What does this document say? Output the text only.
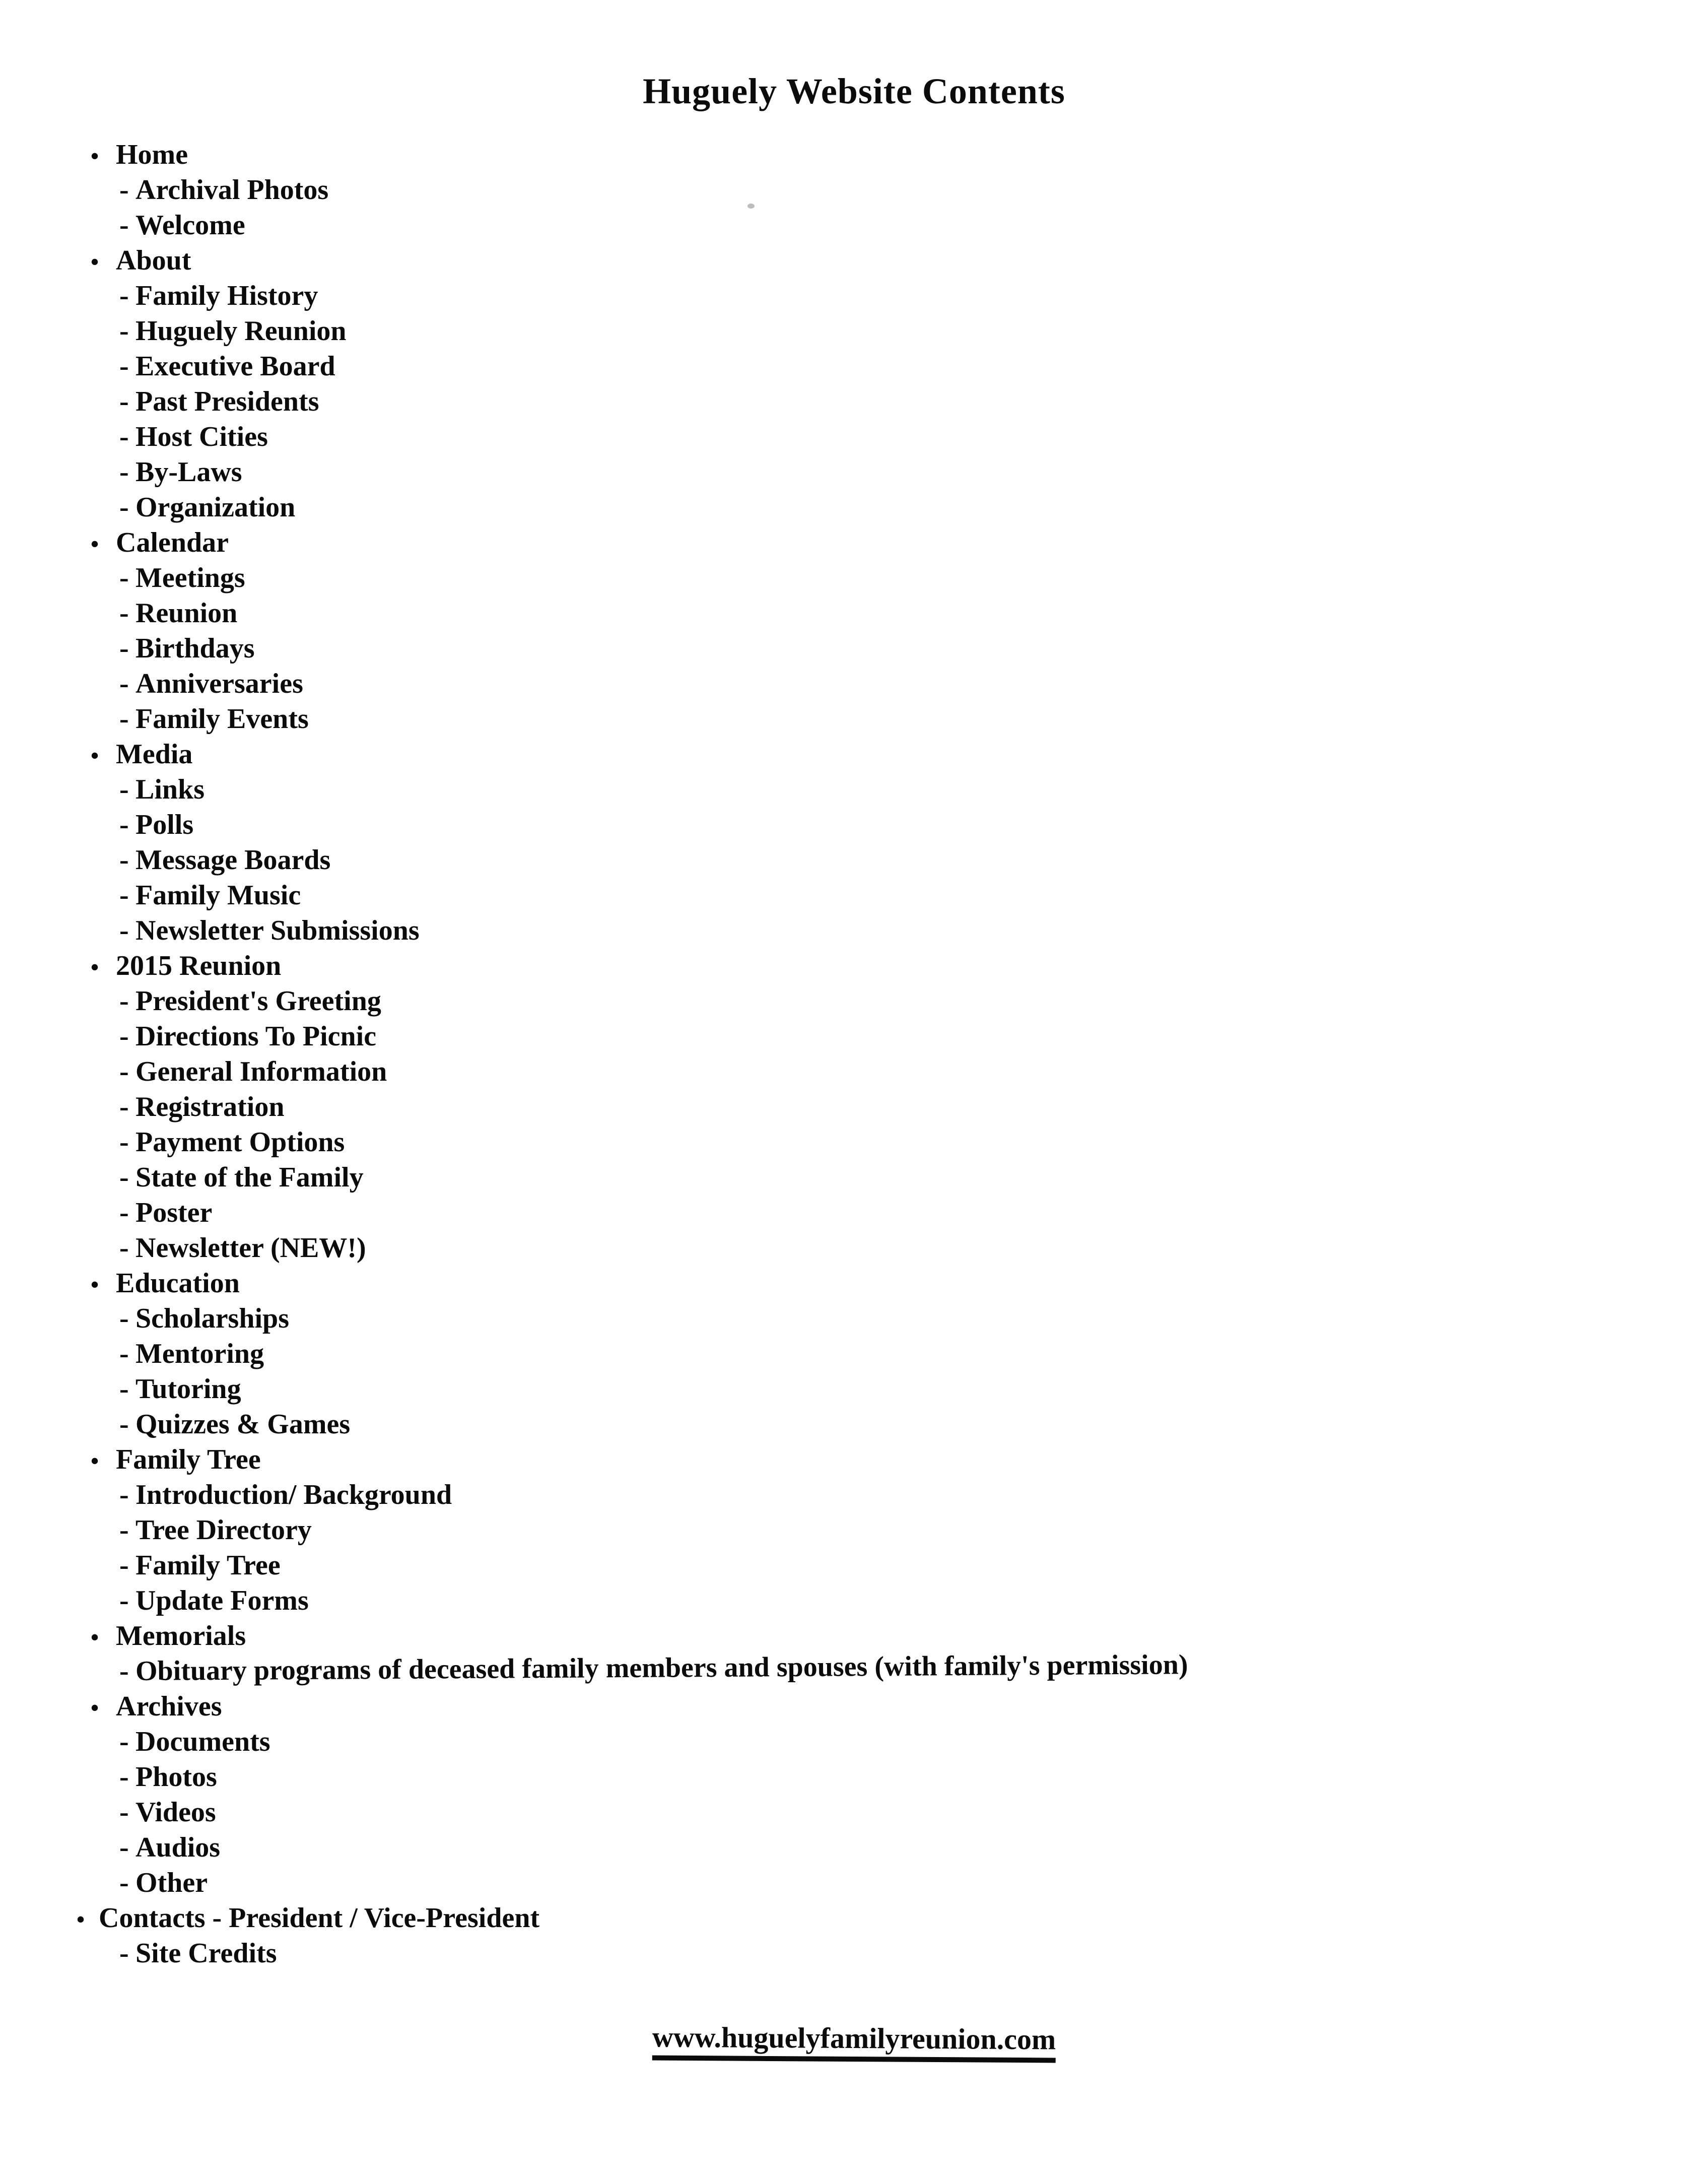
Huguely Website Contents
• Home
- Archival Photos
- Welcome
• About
- Family History
- Huguely Reunion
- Executive Board
- Past Presidents
- Host Cities
- By-Laws
- Organization
• Calendar
- Meetings
- Reunion
- Birthdays
- Anniversaries
- Family Events
• Media
- Links
- Polls
- Message Boards
- Family Music
- Newsletter Submissions
• 2015 Reunion
- President's Greeting
- Directions To Picnic
- General Information
- Registration
- Payment Options
- State of the Family
- Poster
- Newsletter (NEW!)
• Education
- Scholarships
- Mentoring
- Tutoring
- Quizzes & Games
• Family Tree
- Introduction/ Background
- Tree Directory
- Family Tree
- Update Forms
• Memorials
- Obituary programs of deceased family members and spouses (with family's permission)
• Archives
- Documents
- Photos
- Videos
- Audios
- Other
• Contacts - President / Vice-President
- Site Credits
www.huguelyfamilyreunion.com
